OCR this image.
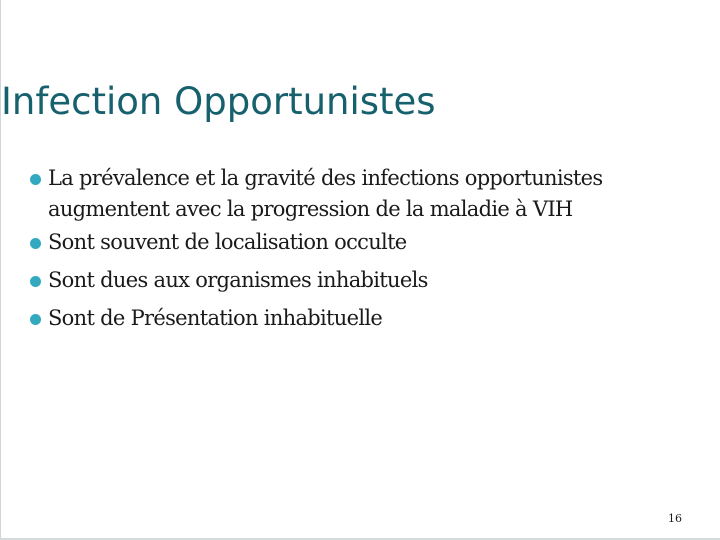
Infection Opportunistes
La prévalence et la gravité des infections opportunistes augmentent avec la progression de la maladie à VIH
Sont souvent de localisation occulte
Sont dues aux organismes inhabituels
Sont de Présentation inhabituelle
16
